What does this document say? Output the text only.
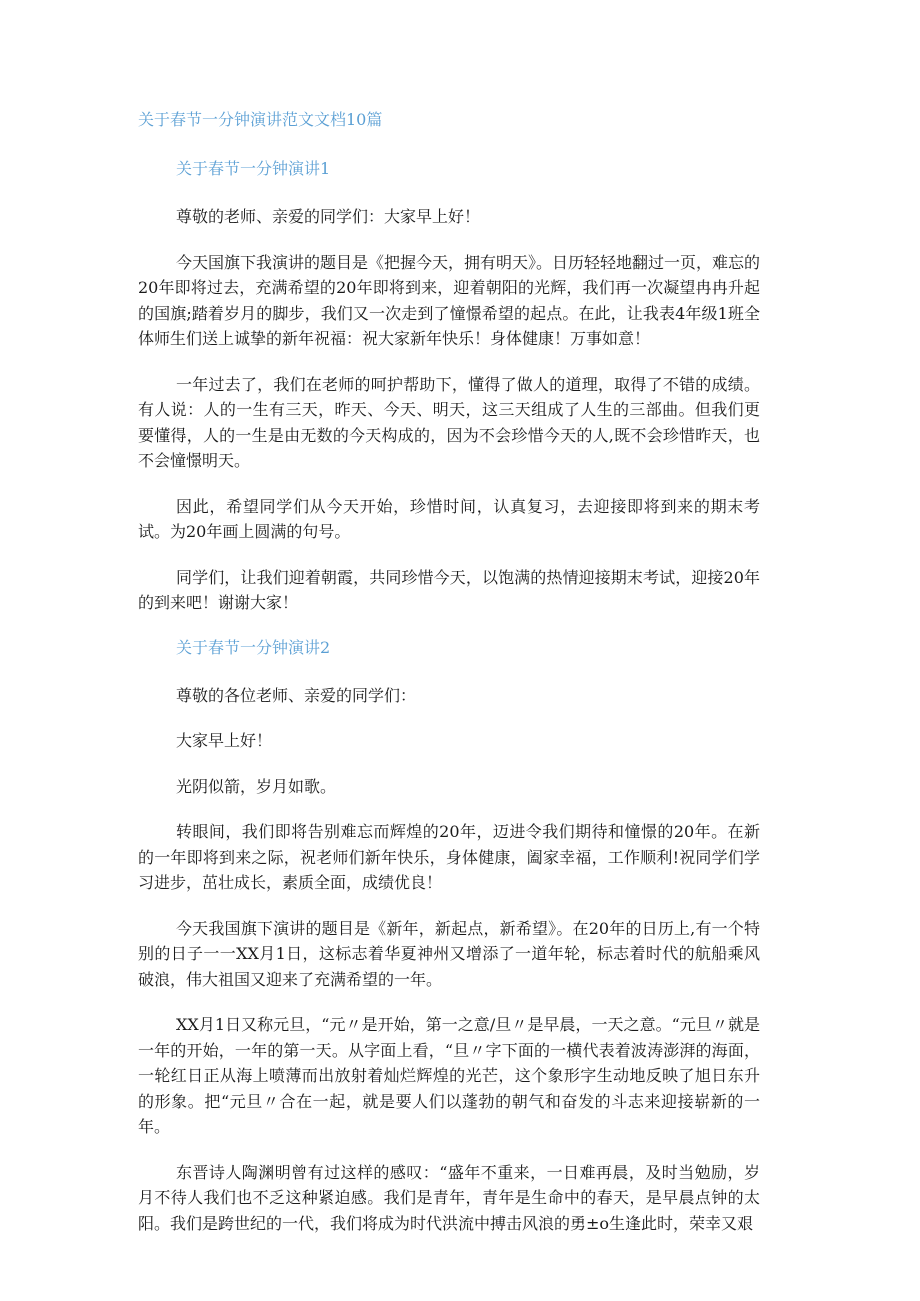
关于春节一分钟演讲范文文档10篇
关于春节一分钟演讲1

尊敬的老师、亲爱的同学们：大家早上好！

今天国旗下我演讲的题目是《把握今天，拥有明天》。日历轻轻地翻过一页，难忘的20年即将过去，充满希望的20年即将到来，迎着朝阳的光辉，我们再一次凝望冉冉升起的国旗;踏着岁月的脚步，我们又一次走到了憧憬希望的起点。在此，让我表4年级1班全体师生们送上诚挚的新年祝福：祝大家新年快乐！身体健康！万事如意！

一年过去了，我们在老师的呵护帮助下，懂得了做人的道理，取得了不错的成绩。有人说：人的一生有三天，昨天、今天、明天，这三天组成了人生的三部曲。但我们更要懂得，人的一生是由无数的今天构成的，因为不会珍惜今天的人,既不会珍惜昨天，也不会憧憬明天。

因此，希望同学们从今天开始，珍惜时间，认真复习，去迎接即将到来的期末考试。为20年画上圆满的句号。

同学们，让我们迎着朝霞，共同珍惜今天，以饱满的热情迎接期末考试，迎接20年的到来吧！谢谢大家！

关于春节一分钟演讲2

尊敬的各位老师、亲爱的同学们：

大家早上好！

光阴似箭，岁月如歌。

转眼间，我们即将告别难忘而辉煌的20年，迈进令我们期待和憧憬的20年。在新的一年即将到来之际，祝老师们新年快乐，身体健康，阖家幸福，工作顺利!祝同学们学习进步，茁壮成长，素质全面，成绩优良！

今天我国旗下演讲的题目是《新年，新起点，新希望》。在20年的日历上,有一个特别的日子一一XX月1日，这标志着华夏神州又增添了一道年轮，标志着时代的航船乘风破浪，伟大祖国又迎来了充满希望的一年。

XX月1日又称元旦，“元〃是开始，第一之意/旦〃是早晨，一天之意。“元旦〃就是一年的开始，一年的第一天。从字面上看，“旦〃字下面的一横代表着波涛澎湃的海面，一轮红日正从海上喷薄而出放射着灿烂辉煌的光芒，这个象形字生动地反映了旭日东升的形象。把“元旦〃合在一起，就是要人们以蓬勃的朝气和奋发的斗志来迎接崭新的一年。

东晋诗人陶渊明曾有过这样的感叹：“盛年不重来，一日难再晨，及时当勉励，岁月不待人我们也不乏这种紧迫感。我们是青年，青年是生命中的春天，是早晨点钟的太阳。我们是跨世纪的一代，我们将成为时代洪流中搏击风浪的勇±o生逢此时，荣幸又艰
